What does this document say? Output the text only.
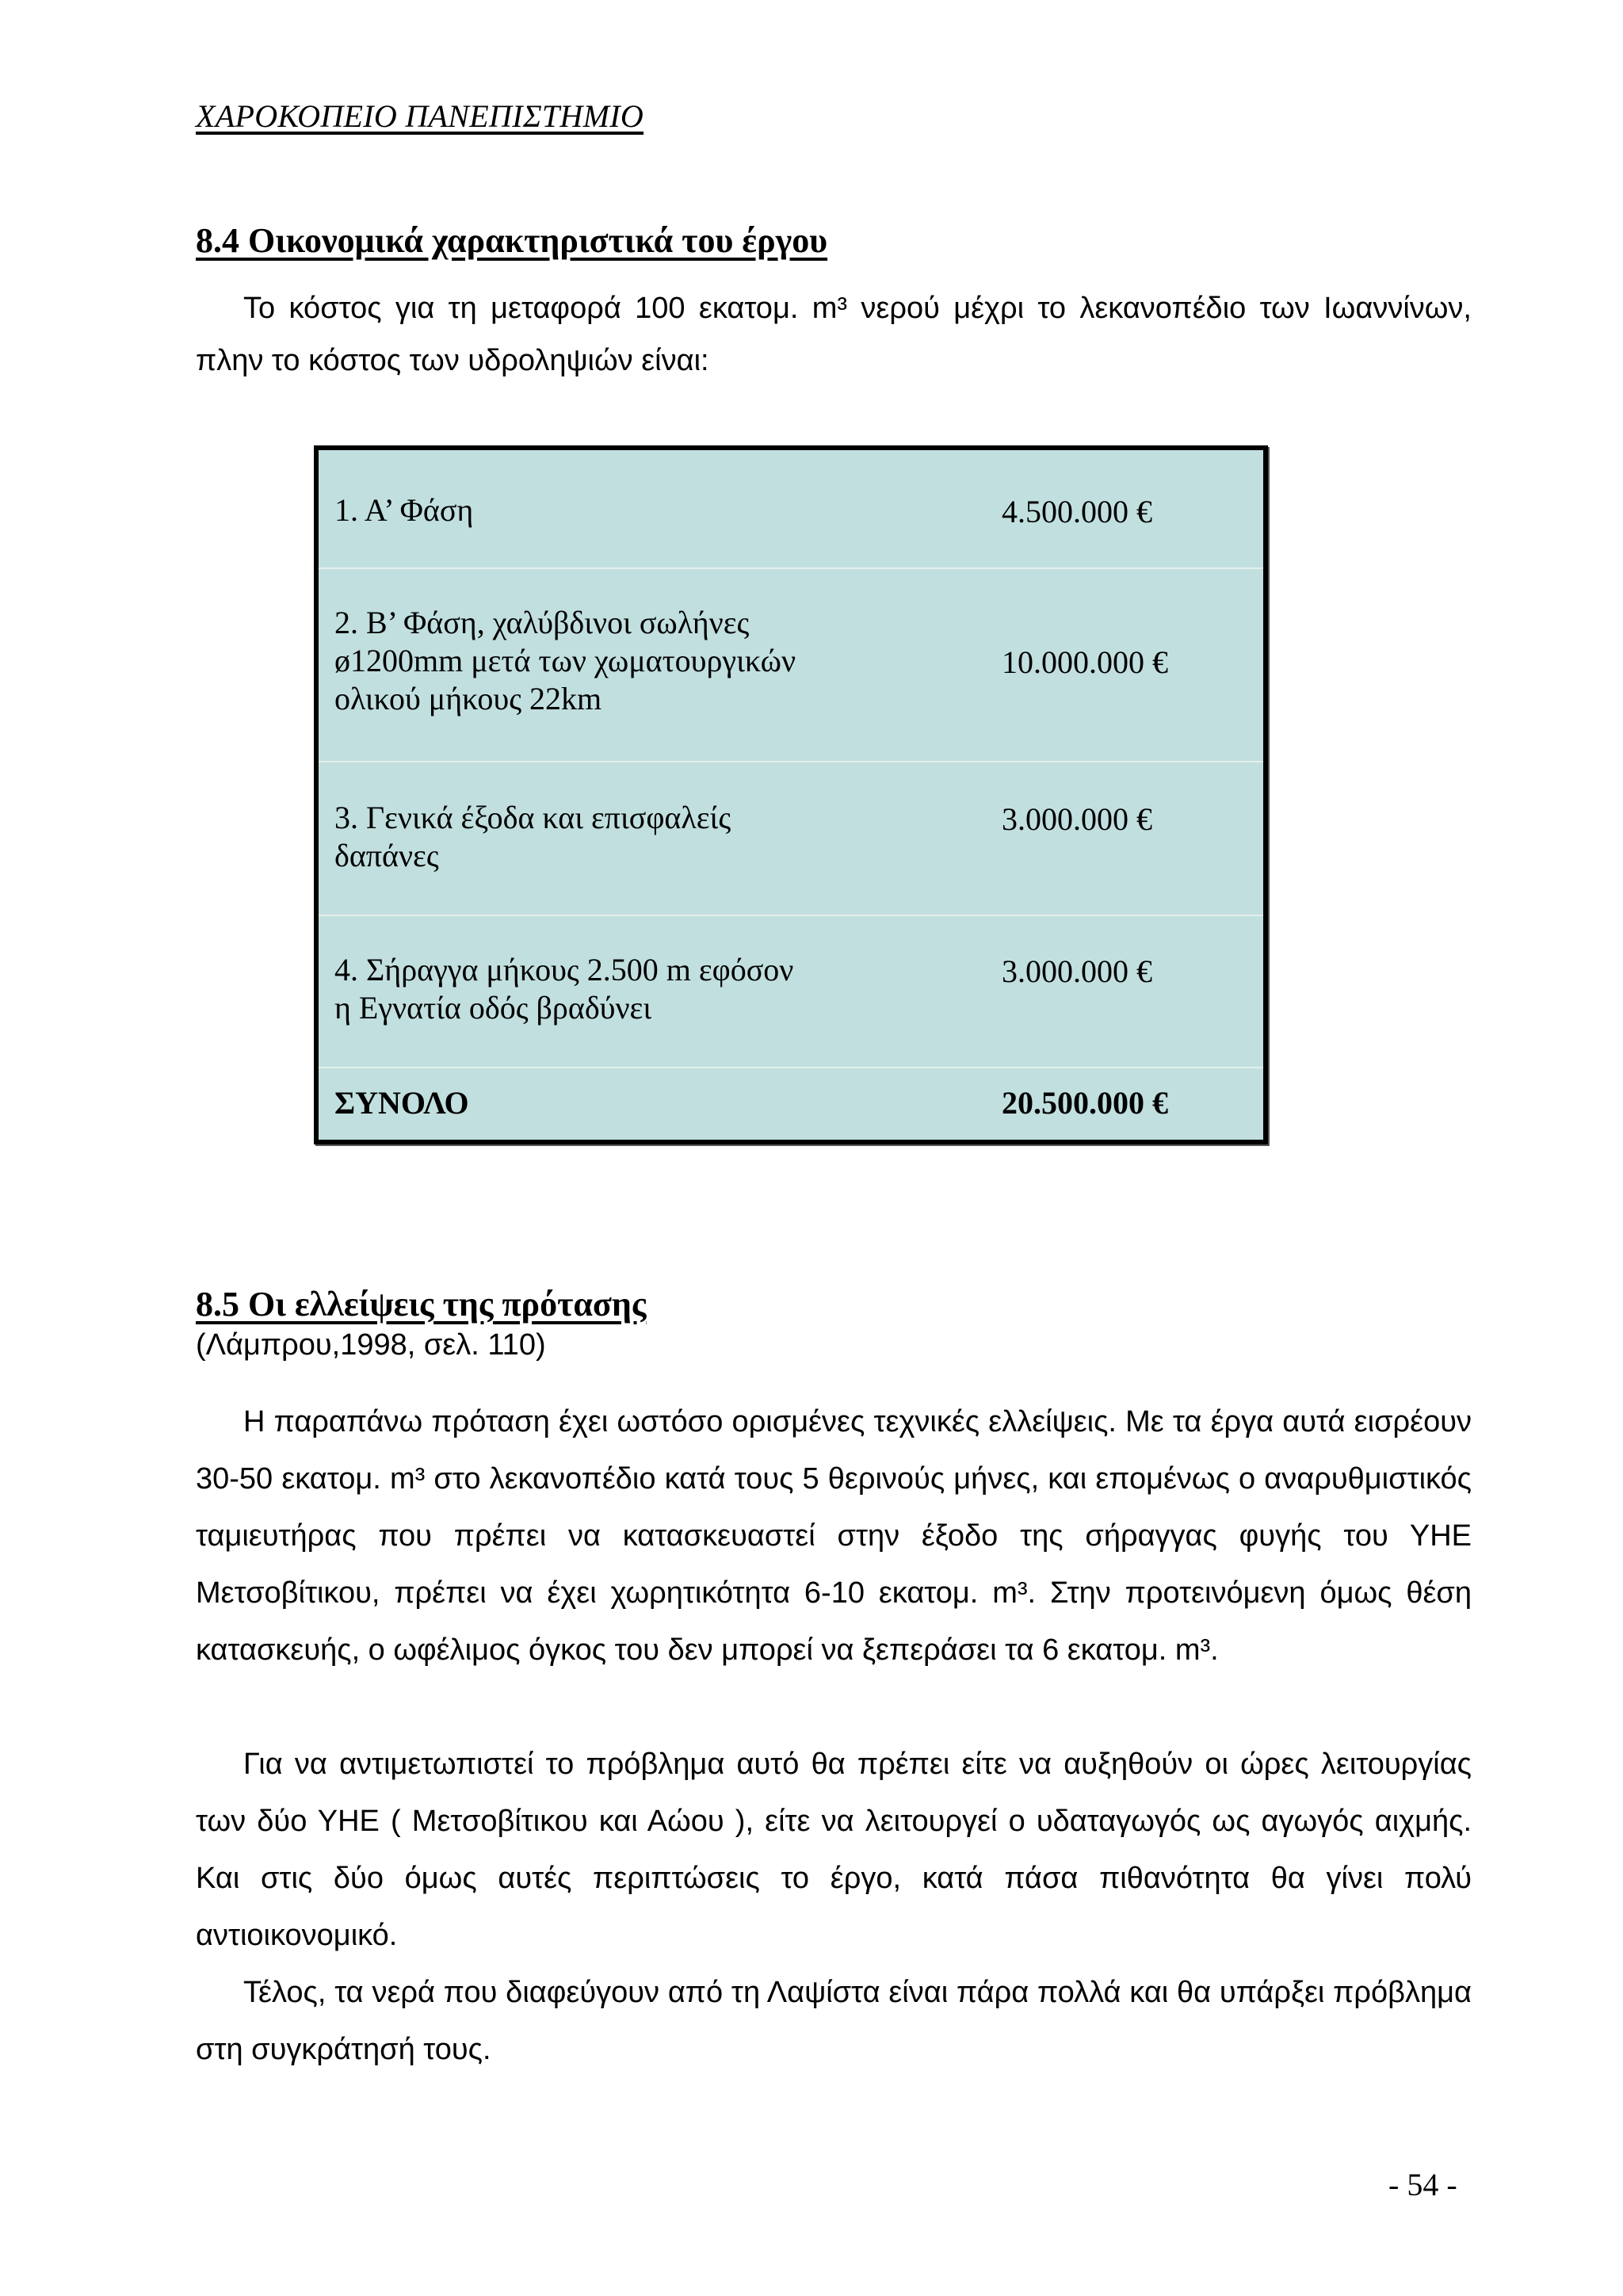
ΧΑΡΟΚΟΠΕΙΟ ΠΑΝΕΠΙΣΤΗΜΙΟ
8.4 Οικονομικά χαρακτηριστικά του έργου

Το κόστος για τη μεταφορά 100 εκατομ. m³ νερού μέχρι το λεκανοπέδιο των Ιωαννίνων, πλην το κόστος των υδροληψιών είναι:

1. Α’ Φάση	4.500.000 €
2. Β’ Φάση, χαλύβδινοι σωλήνες
ø1200mm μετά των χωματουργικών
ολικού μήκους 22km
10.000.000 €
3. Γενικά έξοδα και επισφαλείς
δαπάνες
3.000.000 €
4. Σήραγγα μήκους 2.500 m εφόσον
η Εγνατία οδός βραδύνει
3.000.000 €
ΣΥΝΟΛΟ	20.500.000 €
8.5 Οι ελλείψεις της πρότασης
(Λάμπρου,1998, σελ. 110)

Η παραπάνω πρόταση έχει ωστόσο ορισμένες τεχνικές ελλείψεις. Με τα έργα αυτά εισρέουν 30-50 εκατομ. m³ στο λεκανοπέδιο κατά τους 5 θερινούς μήνες, και επομένως ο αναρυθμιστικός ταμιευτήρας που πρέπει να κατασκευαστεί στην έξοδο της σήραγγας φυγής του ΥΗΕ Μετσοβίτικου, πρέπει να έχει χωρητικότητα 6-10 εκατομ. m³. Στην προτεινόμενη όμως θέση κατασκευής, ο ωφέλιμος όγκος του δεν μπορεί να ξεπεράσει τα 6 εκατομ. m³.

Για να αντιμετωπιστεί το πρόβλημα αυτό θα πρέπει είτε να αυξηθούν οι ώρες λειτουργίας των δύο ΥΗΕ ( Μετσοβίτικου και Αώου ), είτε να λειτουργεί ο υδαταγωγός ως αγωγός αιχμής. Και στις δύο όμως αυτές περιπτώσεις το έργο, κατά πάσα πιθανότητα θα γίνει πολύ αντιοικονομικό.

Τέλος, τα νερά που διαφεύγουν από τη Λαψίστα είναι πάρα πολλά και θα υπάρξει πρόβλημα στη συγκράτησή τους.

- 54 -
